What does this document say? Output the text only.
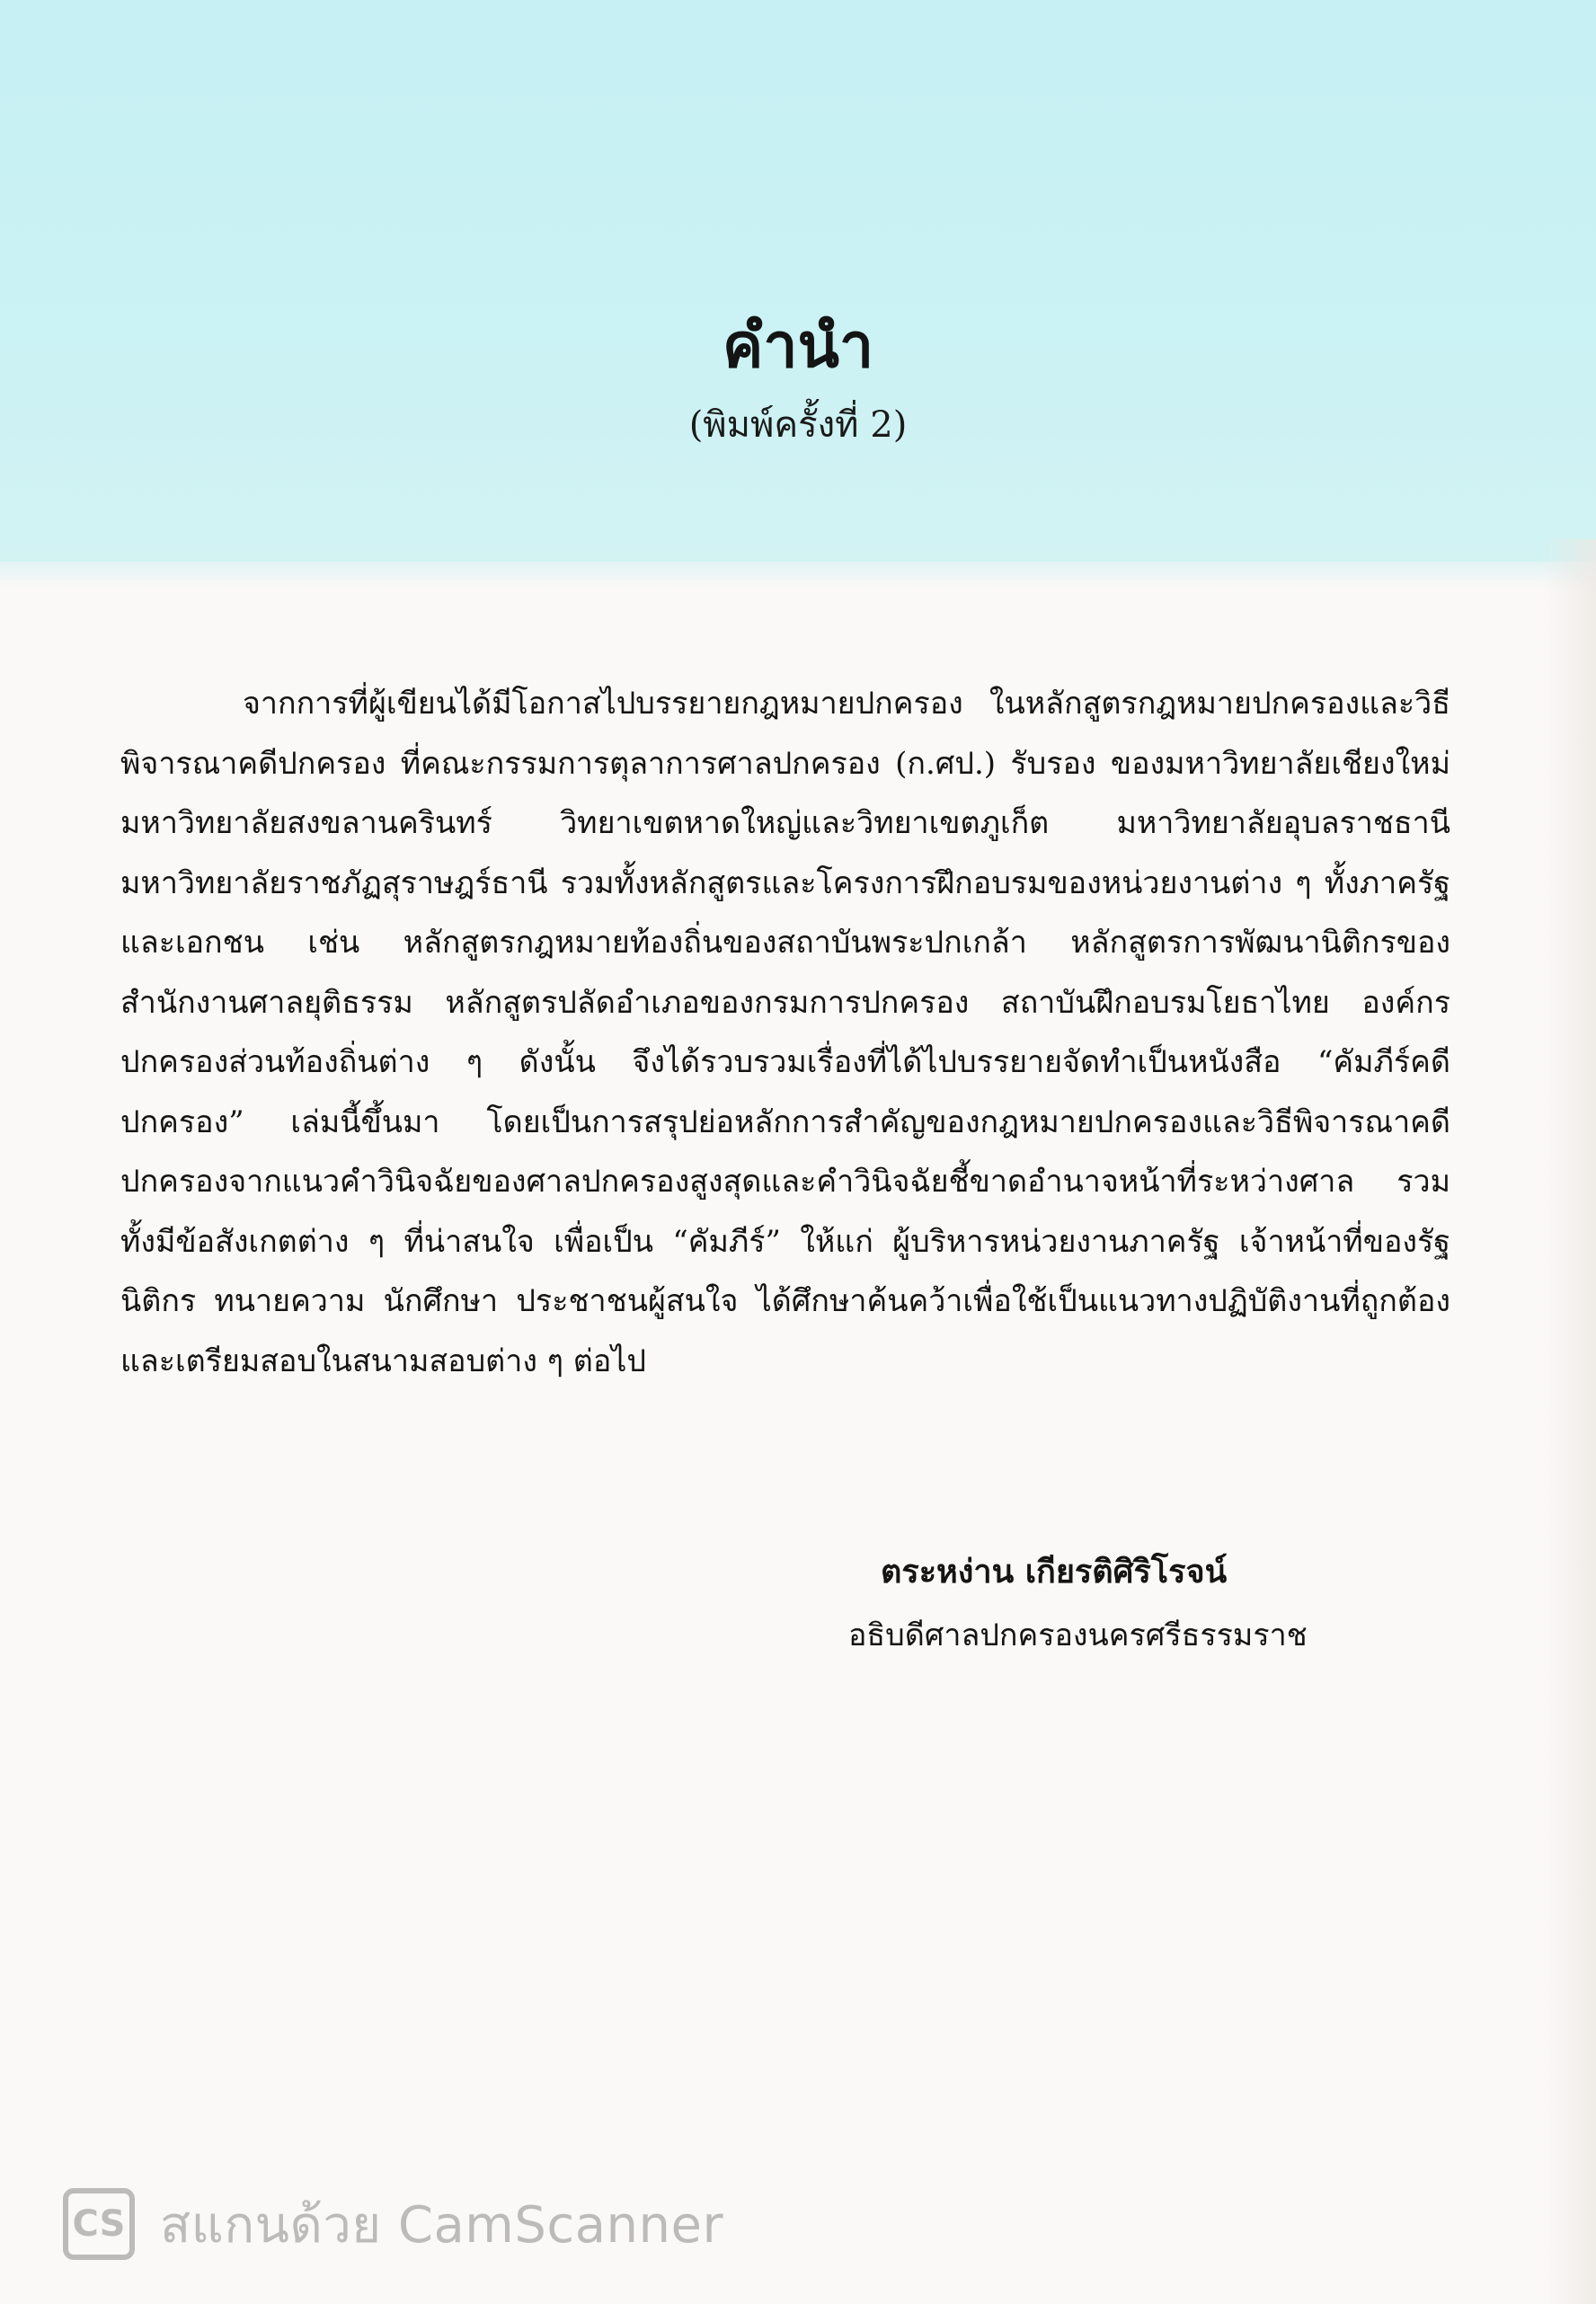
คำนำ
(พิมพ์ครั้งที่ 2)

จากการที่ผู้เขียนได้มีโอกาสไปบรรยายกฎหมายปกครอง ในหลักสูตรกฎหมายปกครองและวิธีพิจารณาคดีปกครอง ที่คณะกรรมการตุลาการศาลปกครอง (ก.ศป.) รับรอง ของมหาวิทยาลัยเชียงใหม่ มหาวิทยาลัยสงขลานครินทร์ วิทยาเขตหาดใหญ่และวิทยาเขตภูเก็ต มหาวิทยาลัยอุบลราชธานี มหาวิทยาลัยราชภัฏสุราษฎร์ธานี รวมทั้งหลักสูตรและโครงการฝึกอบรมของหน่วยงานต่าง ๆ ทั้งภาครัฐและเอกชน เช่น หลักสูตรกฎหมายท้องถิ่นของสถาบันพระปกเกล้า หลักสูตรการพัฒนานิติกรของสำนักงานศาลยุติธรรม หลักสูตรปลัดอำเภอของกรมการปกครอง สถาบันฝึกอบรมโยธาไทย องค์กรปกครองส่วนท้องถิ่นต่าง ๆ ดังนั้น จึงได้รวบรวมเรื่องที่ได้ไปบรรยายจัดทำเป็นหนังสือ “คัมภีร์คดีปกครอง” เล่มนี้ขึ้นมา โดยเป็นการสรุปย่อหลักการสำคัญของกฎหมายปกครองและวิธีพิจารณาคดีปกครองจากแนวคำวินิจฉัยของศาลปกครองสูงสุดและคำวินิจฉัยชี้ขาดอำนาจหน้าที่ระหว่างศาล รวมทั้งมีข้อสังเกตต่าง ๆ ที่น่าสนใจ เพื่อเป็น “คัมภีร์” ให้แก่ ผู้บริหารหน่วยงานภาครัฐ เจ้าหน้าที่ของรัฐ นิติกร ทนายความ นักศึกษา ประชาชนผู้สนใจ ได้ศึกษาค้นคว้าเพื่อใช้เป็นแนวทางปฏิบัติงานที่ถูกต้อง และเตรียมสอบในสนามสอบต่าง ๆ ต่อไป

ตระหง่าน เกียรติศิริโรจน์
อธิบดีศาลปกครองนครศรีธรรมราช
CS สแกนด้วย CamScanner
